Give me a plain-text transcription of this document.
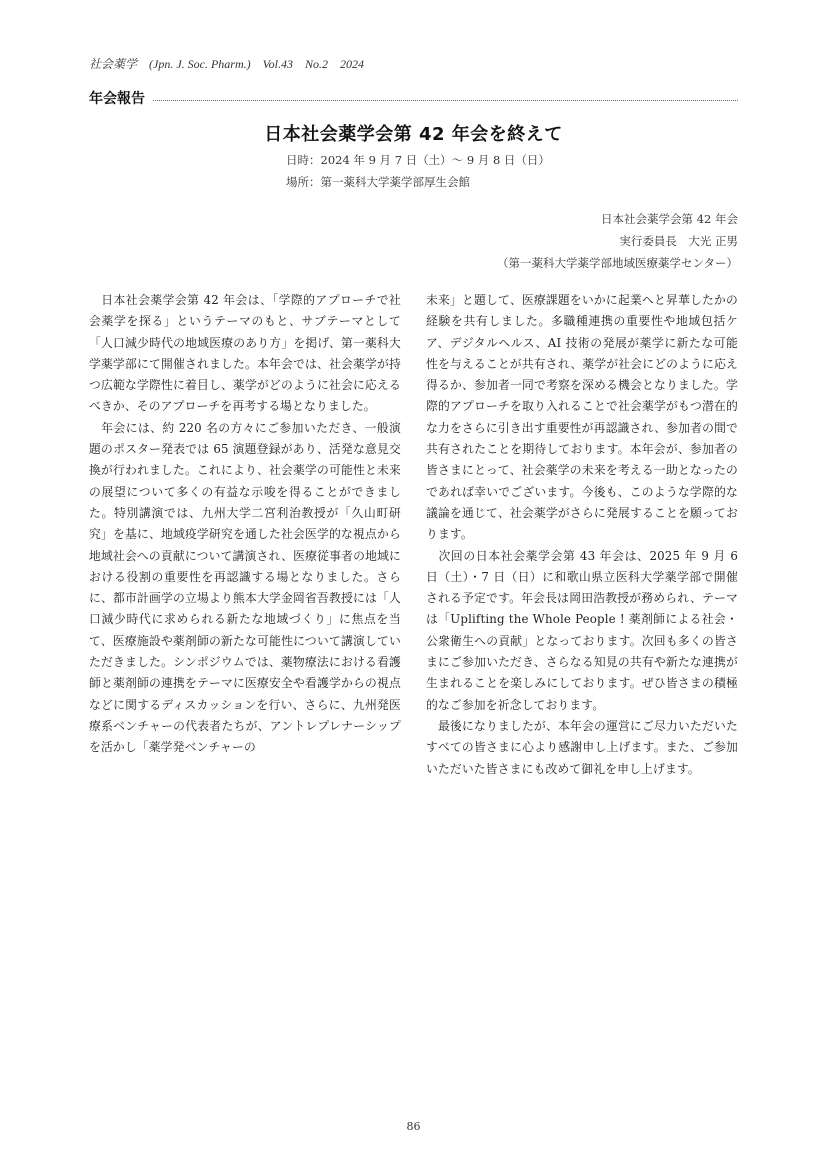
社会薬学　(Jpn. J. Soc. Pharm.)　Vol.43　No.2　2024
年会報告
日本社会薬学会第 42 年会を終えて
日時：2024 年 9 月 7 日（土）～ 9 月 8 日（日）
場所：第一薬科大学薬学部厚生会館
日本社会薬学会第 42 年会
実行委員長　大光 正男
（第一薬科大学薬学部地域医療薬学センター）

　日本社会薬学会第 42 年会は、「学際的アプローチで社会薬学を探る」というテーマのもと、サブテーマとして「人口減少時代の地域医療のあり方」を掲げ、第一薬科大学薬学部にて開催されました。本年会では、社会薬学が持つ広範な学際性に着目し、薬学がどのように社会に応えるべきか、そのアプローチを再考する場となりました。

　年会には、約 220 名の方々にご参加いただき、一般演題のポスター発表では 65 演題登録があり、活発な意見交換が行われました。これにより、社会薬学の可能性と未来の展望について多くの有益な示唆を得ることができました。特別講演では、九州大学二宮利治教授が「久山町研究」を基に、地域疫学研究を通した社会医学的な視点から地域社会への貢献について講演され、医療従事者の地域における役割の重要性を再認識する場となりました。さらに、都市計画学の立場より熊本大学金岡省吾教授には「人口減少時代に求められる新たな地域づくり」に焦点を当て、医療施設や薬剤師の新たな可能性について講演していただきました。シンポジウムでは、薬物療法における看護師と薬剤師の連携をテーマに医療安全や看護学からの視点などに関するディスカッションを行い、さらに、九州発医療系ベンチャーの代表者たちが、アントレプレナーシップを活かし「薬学発ベンチャーの

未来」と題して、医療課題をいかに起業へと昇華したかの経験を共有しました。多職種連携の重要性や地域包括ケア、デジタルヘルス、AI 技術の発展が薬学に新たな可能性を与えることが共有され、薬学が社会にどのように応え得るか、参加者一同で考察を深める機会となりました。学際的アプローチを取り入れることで社会薬学がもつ潜在的な力をさらに引き出す重要性が再認識され、参加者の間で共有されたことを期待しております。本年会が、参加者の皆さまにとって、社会薬学の未来を考える一助となったのであれば幸いでございます。今後も、このような学際的な議論を通じて、社会薬学がさらに発展することを願っております。

　次回の日本社会薬学会第 43 年会は、2025 年 9 月 6 日（土）・7 日（日）に和歌山県立医科大学薬学部で開催される予定です。年会長は岡田浩教授が務められ、テーマは「Uplifting the Whole People ! 薬剤師による社会・公衆衛生への貢献」となっております。次回も多くの皆さまにご参加いただき、さらなる知見の共有や新たな連携が生まれることを楽しみにしております。ぜひ皆さまの積極的なご参加を祈念しております。

　最後になりましたが、本年会の運営にご尽力いただいたすべての皆さまに心より感謝申し上げます。また、ご参加いただいた皆さまにも改めて御礼を申し上げます。

86
